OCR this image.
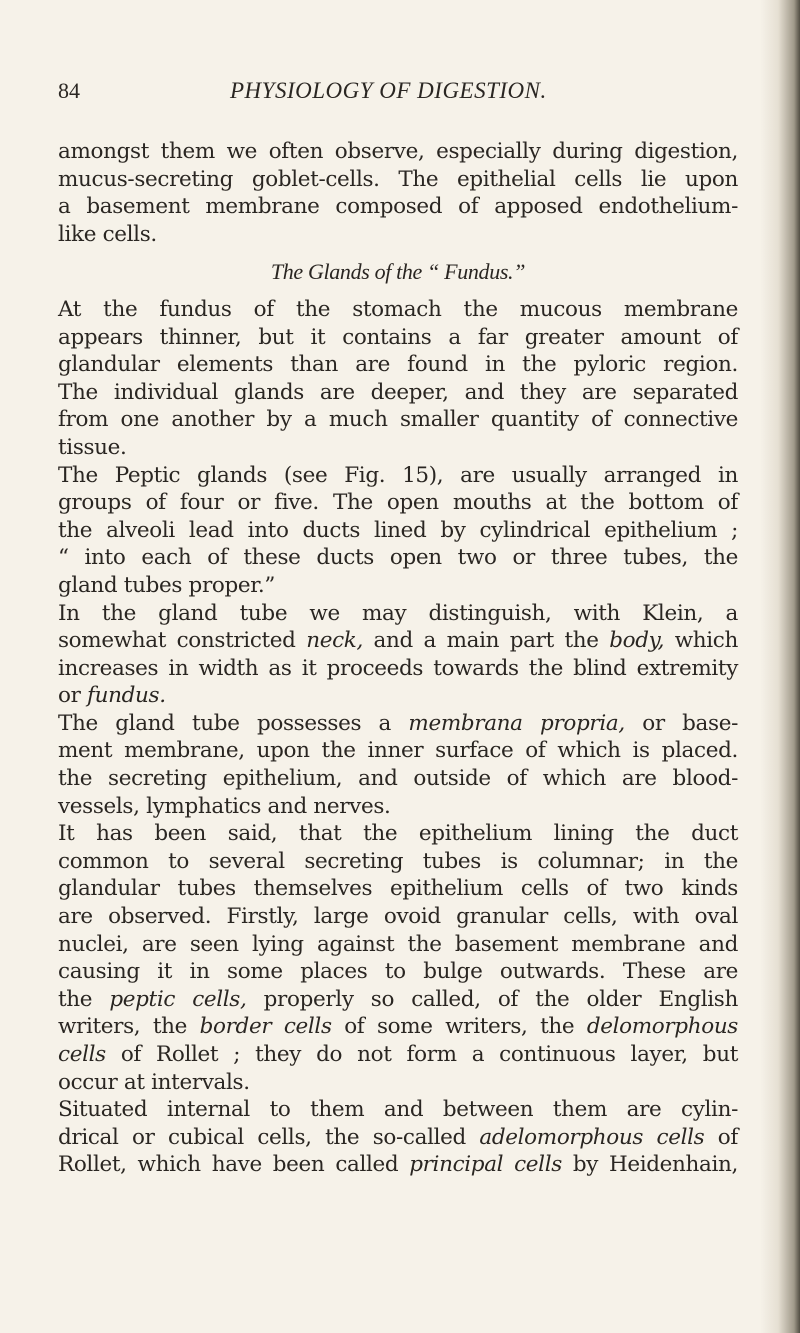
84	PHYSIOLOGY OF DIGESTION.
amongst them we often observe, especially during digestion,
mucus-secreting goblet-cells. The epithelial cells lie upon
a basement membrane composed of apposed endothelium-
like cells.
The Glands of the “ Fundus.”
At the fundus of the stomach the mucous membrane
appears thinner, but it contains a far greater amount of
glandular elements than are found in the pyloric region.
The individual glands are deeper, and they are separated
from one another by a much smaller quantity of connective
tissue.
The Peptic glands (see Fig. 15), are usually arranged in
groups of four or five. The open mouths at the bottom of
the alveoli lead into ducts lined by cylindrical epithelium ;
“ into each of these ducts open two or three tubes, the
gland tubes proper.”
In the gland tube we may distinguish, with Klein, a
somewhat constricted neck, and a main part the body, which
increases in width as it proceeds towards the blind extremity
or fundus.
The gland tube possesses a membrana propria, or base-
ment membrane, upon the inner surface of which is placed.
the secreting epithelium, and outside of which are blood-
vessels, lymphatics and nerves.
It has been said, that the epithelium lining the duct
common to several secreting tubes is columnar; in the
glandular tubes themselves epithelium cells of two kinds
are observed. Firstly, large ovoid granular cells, with oval
nuclei, are seen lying against the basement membrane and
causing it in some places to bulge outwards. These are
the peptic cells, properly so called, of the older English
writers, the border cells of some writers, the delomorphous
cells of Rollet ; they do not form a continuous layer, but
occur at intervals.
Situated internal to them and between them are cylin-
drical or cubical cells, the so-called adelomorphous cells of
Rollet, which have been called principal cells by Heidenhain,
